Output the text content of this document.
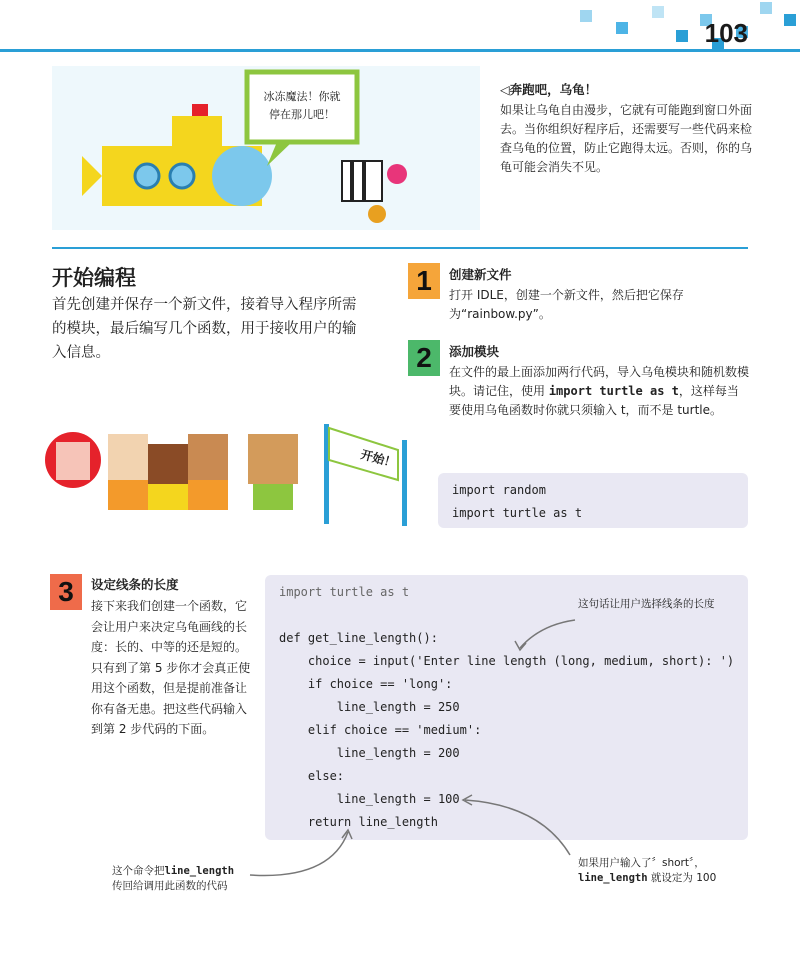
103
冰冻魔法！你就
停在那儿吧！
◁奔跑吧，乌龟！
如果让乌龟自由漫步，它就有可能跑到窗口外面去。当你组织好程序后，还需要写一些代码来检查乌龟的位置，防止它跑得太远。否则，你的乌龟可能会消失不见。
开始编程
首先创建并保存一个新文件，接着导入程序所需的模块，最后编写几个函数，用于接收用户的输入信息。
开始！
1	创建新文件
打开 IDLE，创建一个新文件，然后把它保存为“rainbow.py”。
2	添加模块
在文件的最上面添加两行代码，导入乌龟模块和随机数模块。请记住，使用 import turtle as t，这样每当要使用乌龟函数时你就只须输入 t，而不是 turtle。
import random
import turtle as t
3	设定线条的长度
接下来我们创建一个函数，它会让用户来决定乌龟画线的长度：长的、中等的还是短的。只有到了第 5 步你才会真正使用这个函数，但是提前准备让你有备无患。把这些代码输入到第 2 步代码的下面。
import turtle as t
def get_line_length():
choice = input('Enter line length (long, medium, short): ')
if choice == 'long':
line_length = 250
elif choice == 'medium':
line_length = 200
else:
line_length = 100
return line_length
这句话让用户选择线条的长度
这个命令把line_length
传回给调用此函数的代码
如果用户输入了〞short〞，
line_length 就设定为 100
